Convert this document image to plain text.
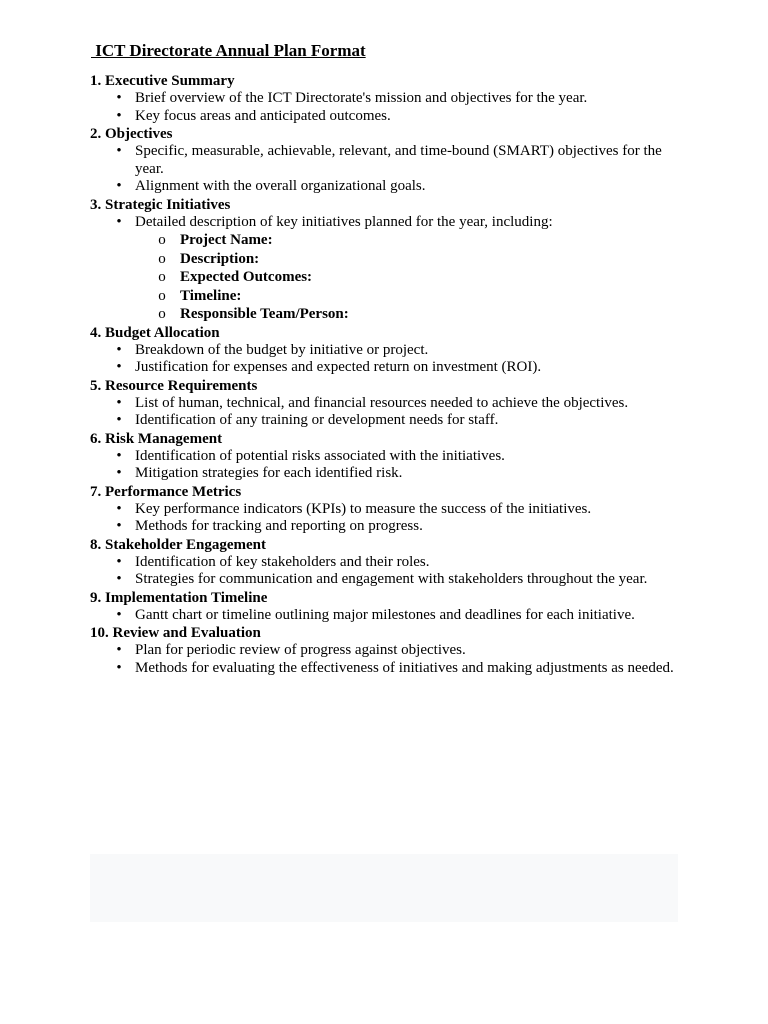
ICT Directorate Annual Plan Format
1. Executive Summary
• Brief overview of the ICT Directorate's mission and objectives for the year.
• Key focus areas and anticipated outcomes.
2. Objectives
• Specific, measurable, achievable, relevant, and time-bound (SMART) objectives for the year.
• Alignment with the overall organizational goals.
3. Strategic Initiatives
• Detailed description of key initiatives planned for the year, including:
o Project Name:
o Description:
o Expected Outcomes:
o Timeline:
o Responsible Team/Person:
4. Budget Allocation
• Breakdown of the budget by initiative or project.
• Justification for expenses and expected return on investment (ROI).
5. Resource Requirements
• List of human, technical, and financial resources needed to achieve the objectives.
• Identification of any training or development needs for staff.
6. Risk Management
• Identification of potential risks associated with the initiatives.
• Mitigation strategies for each identified risk.
7. Performance Metrics
• Key performance indicators (KPIs) to measure the success of the initiatives.
• Methods for tracking and reporting on progress.
8. Stakeholder Engagement
• Identification of key stakeholders and their roles.
• Strategies for communication and engagement with stakeholders throughout the year.
9. Implementation Timeline
• Gantt chart or timeline outlining major milestones and deadlines for each initiative.
10. Review and Evaluation
• Plan for periodic review of progress against objectives.
• Methods for evaluating the effectiveness of initiatives and making adjustments as needed.
